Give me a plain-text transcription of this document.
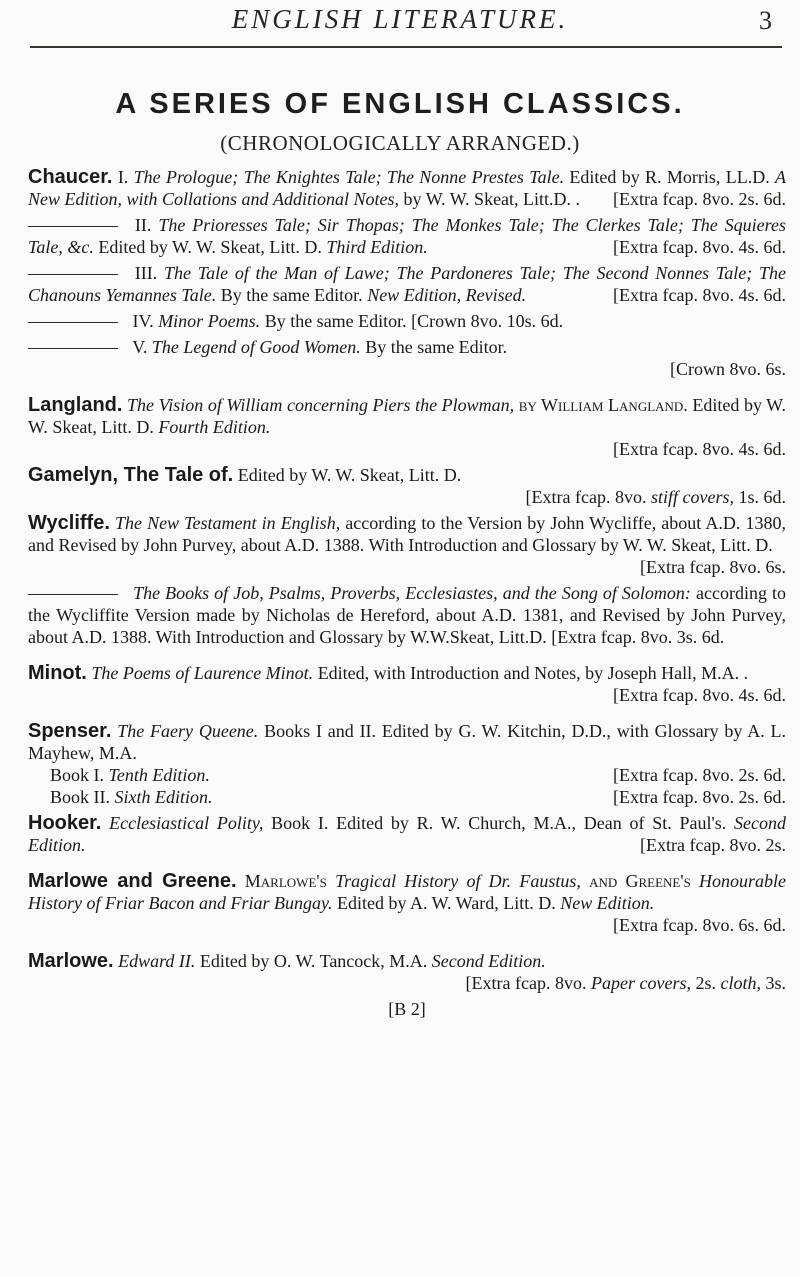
ENGLISH LITERATURE.	3
A SERIES OF ENGLISH CLASSICS.
(CHRONOLOGICALLY ARRANGED.)
Chaucer. I. The Prologue; The Knightes Tale; The Nonne Prestes Tale. Edited by R. Morris, LL.D. A New Edition, with Collations and Additional Notes, by W. W. Skeat, Litt.D. . [Extra fcap. 8vo. 2s. 6d.
II. The Prioresses Tale; Sir Thopas; The Monkes Tale; The Clerkes Tale; The Squieres Tale, &c. Edited by W. W. Skeat, Litt. D. Third Edition.	[Extra fcap. 8vo. 4s. 6d.
III. The Tale of the Man of Lawe; The Pardoneres Tale; The Second Nonnes Tale; The Chanouns Yemannes Tale. By the same Editor. New Edition, Revised.	[Extra fcap. 8vo. 4s. 6d.
IV. Minor Poems. By the same Editor. [Crown 8vo. 10s. 6d.
V. The Legend of Good Women. By the same Editor.
[Crown 8vo. 6s.
Langland. The Vision of William concerning Piers the Plowman, by William Langland. Edited by W. W. Skeat, Litt. D. Fourth Edition.
[Extra fcap. 8vo. 4s. 6d.
Gamelyn, The Tale of. Edited by W. W. Skeat, Litt. D.
[Extra fcap. 8vo. stiff covers, 1s. 6d.
Wycliffe. The New Testament in English, according to the Version by John Wycliffe, about A.D. 1380, and Revised by John Purvey, about A.D. 1388. With Introduction and Glossary by W. W. Skeat, Litt. D.
[Extra fcap. 8vo. 6s.
The Books of Job, Psalms, Proverbs, Ecclesiastes, and the Song of Solomon: according to the Wycliffite Version made by Nicholas de Hereford, about A.D. 1381, and Revised by John Purvey, about A.D. 1388. With Introduction and Glossary by W.W.Skeat, Litt.D. [Extra fcap. 8vo. 3s. 6d.
Minot. The Poems of Laurence Minot. Edited, with Introduction and Notes, by Joseph Hall, M.A. .
[Extra fcap. 8vo. 4s. 6d.
Spenser. The Faery Queene. Books I and II. Edited by G. W. Kitchin, D.D., with Glossary by A. L. Mayhew, M.A.
Book I. Tenth Edition.	[Extra fcap. 8vo. 2s. 6d.
Book II. Sixth Edition.	[Extra fcap. 8vo. 2s. 6d.
Hooker. Ecclesiastical Polity, Book I. Edited by R. W. Church, M.A., Dean of St. Paul's. Second Edition.	[Extra fcap. 8vo. 2s.
Marlowe and Greene. Marlowe's Tragical History of Dr. Faustus, and Greene's Honourable History of Friar Bacon and Friar Bungay. Edited by A. W. Ward, Litt. D. New Edition.
[Extra fcap. 8vo. 6s. 6d.
Marlowe. Edward II. Edited by O. W. Tancock, M.A. Second Edition.
[Extra fcap. 8vo. Paper covers, 2s. cloth, 3s.
[B 2]
